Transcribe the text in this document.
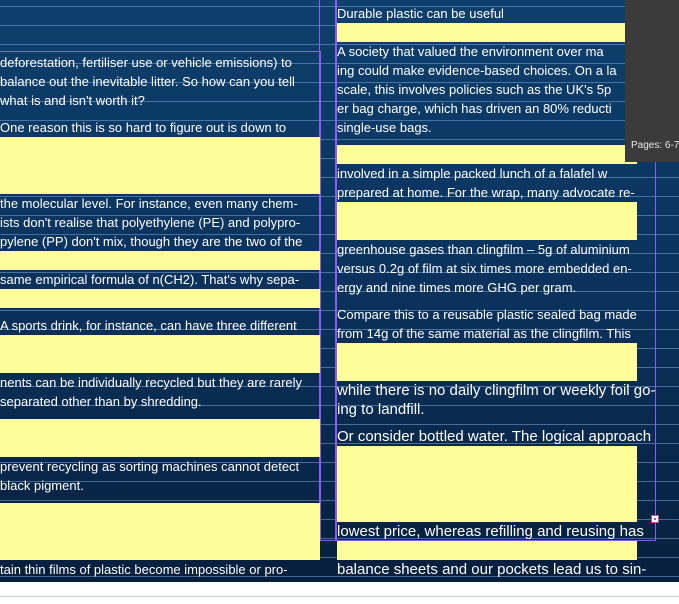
deforestation, fertiliser use or vehicle emissions) to

balance out the inevitable litter. So how can you tell

what is and isn't worth it?

One reason this is so hard to figure out is down to

the molecular level. For instance, even many chem-

ists don't realise that polyethylene (PE) and polypro-

pylene (PP) don't mix, though they are the two of the

same empirical formula of n(CH2). That's why sepa-

A sports drink, for instance, can have three different

nents can be individually recycled but they are rarely

separated other than by shredding.

prevent recycling as sorting machines cannot detect

black pigment.

tain thin films of plastic become impossible or pro-

Durable plastic can be useful

A society that valued the environment over ma

ing could make evidence-based choices. On a la

scale, this involves policies such as the UK's 5p

er bag charge, which has driven an 80% reducti

single-use bags.

involved in a simple packed lunch of a falafel w

prepared at home. For the wrap, many advocate re-

greenhouse gases than clingfilm – 5g of aluminium

versus 0.2g of film at six times more embedded en-

ergy and nine times more GHG per gram.

Compare this to a reusable plastic sealed bag made

from 14g of the same material as the clingfilm. This

while there is no daily clingfilm or weekly foil go-

ing to landfill.

Or consider bottled water. The logical approach

lowest price, whereas refilling and reusing has

balance sheets and our pockets lead us to sin-

Pages: 6-7
